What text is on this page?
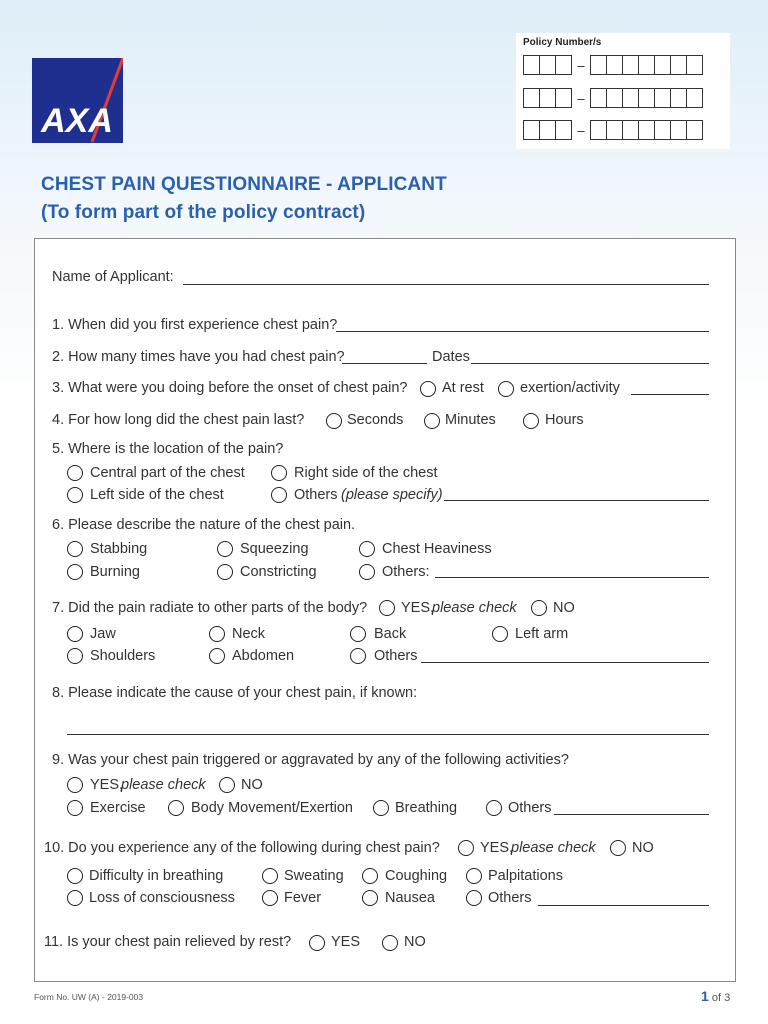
AXA
Policy Number/s
–
–
–
CHEST PAIN QUESTIONNAIRE - APPLICANT
(To form part of the policy contract)
Name of Applicant:
1. When did you first experience chest pain?
2. How many times have you had chest pain?	Dates
3. What were you doing before the onset of chest pain? At rest exertion/activity
4. For how long did the chest pain last?	Seconds	Minutes	Hours
5. Where is the location of the pain?
Central part of the chest	Right side of the chest
Left side of the chest	Others (please specify)
6. Please describe the nature of the chest pain.
Stabbing	Squeezing	Chest Heaviness
Burning	Constricting	Others:
7. Did the pain radiate to other parts of the body? YES,
please check	NO
Jaw	Neck	Back	Left arm
Shoulders	Abdomen	Others
8. Please indicate the cause of your chest pain, if known:
9. Was your chest pain triggered or aggravated by any of the following activities?
YES,
please check NO
Exercise	Body Movement/Exertion	Breathing	Others
10. Do you experience any of the following during chest pain?	YES,
please check	NO
Difficulty in breathing	Sweating	Coughing	Palpitations
Loss of consciousness	Fever	Nausea	Others
11. Is your chest pain relieved by rest?	YES	NO
Form No. UW (A) - 2019-003	1 of 3
